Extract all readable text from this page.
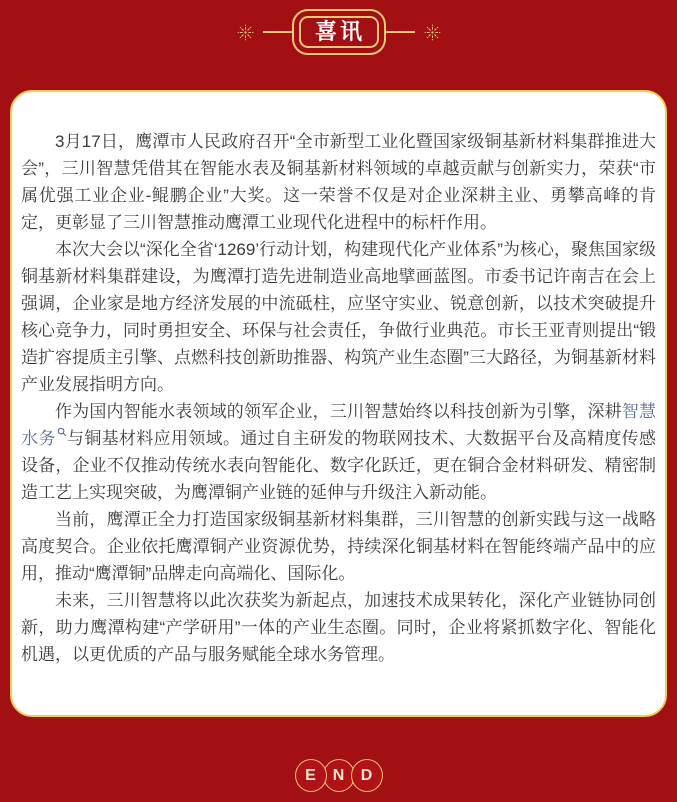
喜讯

3月17日，鹰潭市人民政府召开“全市新型工业化暨国家级铜基新材料集群推进大会”，三川智慧凭借其在智能水表及铜基新材料领域的卓越贡献与创新实力，荣获“市属优强工业企业-鲲鹏企业”大奖。这一荣誉不仅是对企业深耕主业、勇攀高峰的肯定，更彰显了三川智慧推动鹰潭工业现代化进程中的标杆作用。

本次大会以“深化全省‘1269’行动计划，构建现代化产业体系”为核心，聚焦国家级铜基新材料集群建设，为鹰潭打造先进制造业高地擘画蓝图。市委书记许南吉在会上强调，企业家是地方经济发展的中流砥柱，应坚守实业、锐意创新，以技术突破提升核心竞争力，同时勇担安全、环保与社会责任，争做行业典范。市长王亚青则提出“锻造扩容提质主引擎、点燃科技创新助推器、构筑产业生态圈”三大路径，为铜基新材料产业发展指明方向。

作为国内智能水表领域的领军企业，三川智慧始终以科技创新为引擎，深耕智慧水务 与铜基材料应用领域。通过自主研发的物联网技术、大数据平台及高精度传感设备，企业不仅推动传统水表向智能化、数字化跃迁，更在铜合金材料研发、精密制造工艺上实现突破，为鹰潭铜产业链的延伸与升级注入新动能。

当前，鹰潭正全力打造国家级铜基新材料集群，三川智慧的创新实践与这一战略高度契合。企业依托鹰潭铜产业资源优势，持续深化铜基材料在智能终端产品中的应用，推动“鹰潭铜”品牌走向高端化、国际化。

未来，三川智慧将以此次获奖为新起点，加速技术成果转化，深化产业链协同创新，助力鹰潭构建“产学研用”一体的产业生态圈。同时，企业将紧抓数字化、智能化机遇，以更优质的产品与服务赋能全球水务管理。

E N D
